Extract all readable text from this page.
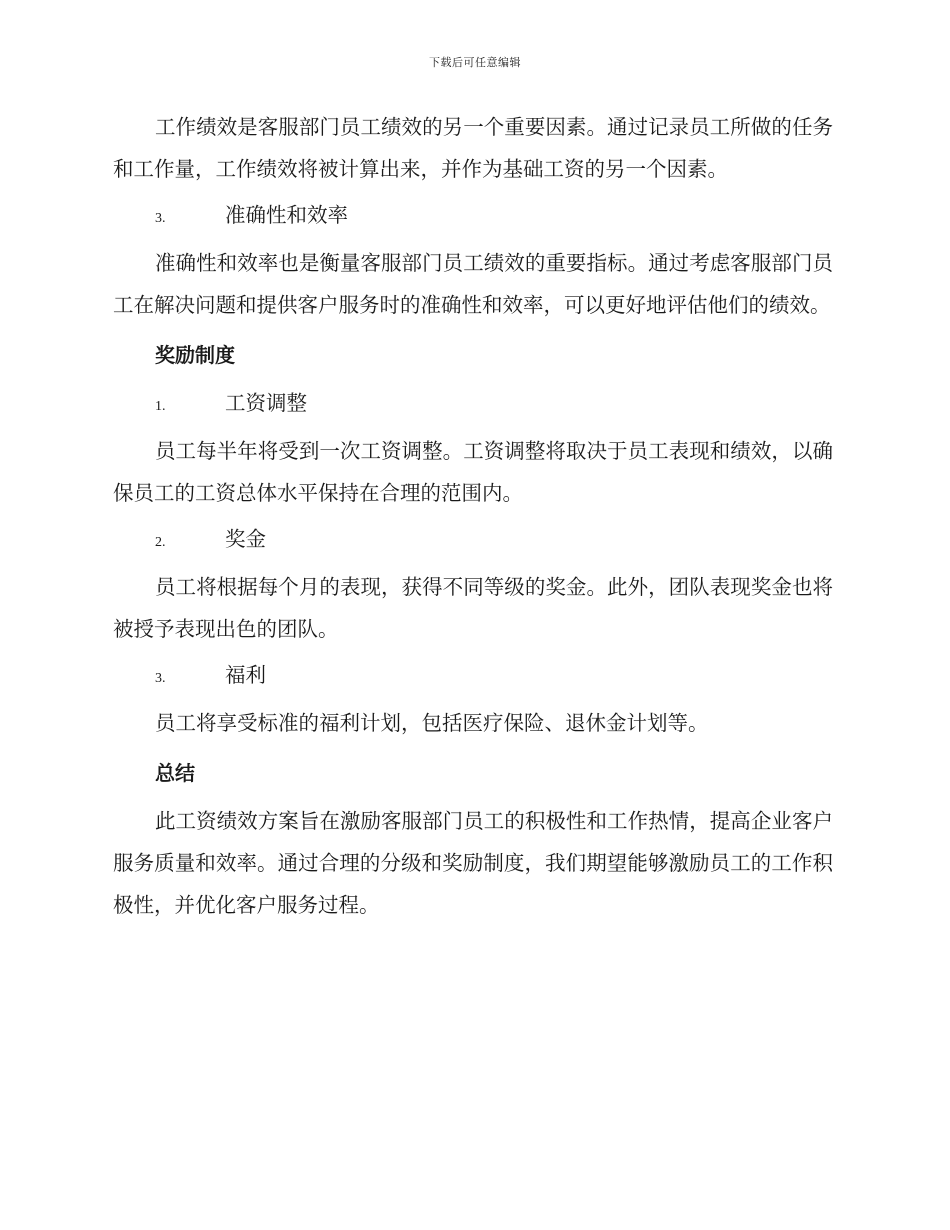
下载后可任意编辑

工作绩效是客服部门员工绩效的另一个重要因素。通过记录员工所做的任务和工作量，工作绩效将被计算出来，并作为基础工资的另一个因素。

3.	准确性和效率

准确性和效率也是衡量客服部门员工绩效的重要指标。通过考虑客服部门员工在解决问题和提供客户服务时的准确性和效率，可以更好地评估他们的绩效。

奖励制度
1.	工资调整

员工每半年将受到一次工资调整。工资调整将取决于员工表现和绩效，以确保员工的工资总体水平保持在合理的范围内。

2.	奖金

员工将根据每个月的表现，获得不同等级的奖金。此外，团队表现奖金也将被授予表现出色的团队。

3.	福利

员工将享受标准的福利计划，包括医疗保险、退休金计划等。

总结

此工资绩效方案旨在激励客服部门员工的积极性和工作热情，提高企业客户服务质量和效率。通过合理的分级和奖励制度，我们期望能够激励员工的工作积极性，并优化客户服务过程。
